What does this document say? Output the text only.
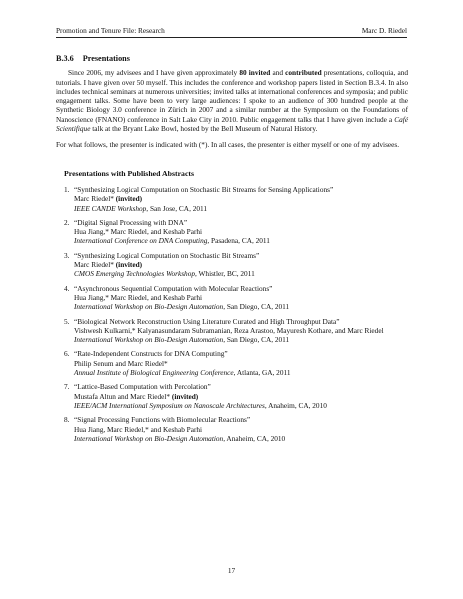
Promotion and Tenure File: Research	Marc D. Riedel
B.3.6 Presentations

Since 2006, my advisees and I have given approximately 80 invited and contributed presentations, colloquia, and tutorials. I have given over 50 myself. This includes the conference and workshop papers listed in Section B.3.4. In also includes technical seminars at numerous universities; invited talks at international conferences and symposia; and public engagement talks. Some have been to very large audiences: I spoke to an audience of 300 hundred people at the Synthetic Biology 3.0 conference in Zürich in 2007 and a similar number at the Symposium on the Foundations of Nanoscience (FNANO) conference in Salt Lake City in 2010. Public engagement talks that I have given include a Café Scientifique talk at the Bryant Lake Bowl, hosted by the Bell Museum of Natural History.

For what follows, the presenter is indicated with (*). In all cases, the presenter is either myself or one of my advisees.

Presentations with Published Abstracts
1. “Synthesizing Logical Computation on Stochastic Bit Streams for Sensing Applications”
Marc Riedel* (invited)
IEEE CANDE Workshop, San Jose, CA, 2011
2. “Digital Signal Processing with DNA”
Hua Jiang,* Marc Riedel, and Keshab Parhi
International Conference on DNA Computing, Pasadena, CA, 2011
3. “Synthesizing Logical Computation on Stochastic Bit Streams”
Marc Riedel* (invited)
CMOS Emerging Technologies Workshop, Whistler, BC, 2011
4. “Asynchronous Sequential Computation with Molecular Reactions”
Hua Jiang,* Marc Riedel, and Keshab Parhi
International Workshop on Bio-Design Automation, San Diego, CA, 2011
5. “Biological Network Reconstruction Using Literature Curated and High Throughput Data”
Vishwesh Kulkarni,* Kalyanasundaram Subramanian, Reza Arastoo, Mayuresh Kothare, and Marc Riedel
International Workshop on Bio-Design Automation, San Diego, CA, 2011
6. “Rate-Independent Constructs for DNA Computing”
Philip Senum and Marc Riedel*
Annual Institute of Biological Engineering Conference, Atlanta, GA, 2011
7. “Lattice-Based Computation with Percolation”
Mustafa Altun and Marc Riedel* (invited)
IEEE/ACM International Symposium on Nanoscale Architectures, Anaheim, CA, 2010
8. “Signal Processing Functions with Biomolecular Reactions”
Hua Jiang, Marc Riedel,* and Keshab Parhi
International Workshop on Bio-Design Automation, Anaheim, CA, 2010
17
